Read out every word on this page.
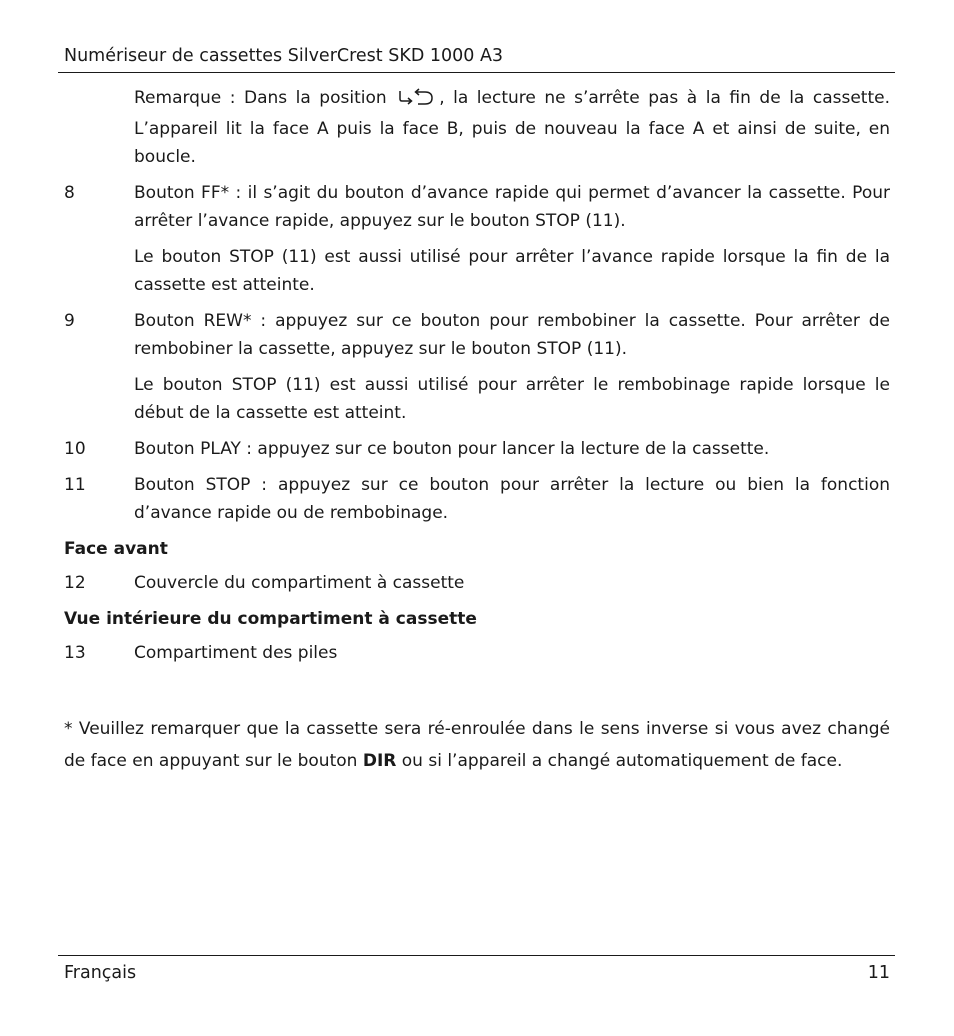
Numériseur de cassettes SilverCrest SKD 1000 A3
Remarque : Dans la position	, la lecture ne s’arrête pas à la fin de la cassette. L’appareil lit la face A puis la face B, puis de nouveau la face A et ainsi de suite, en boucle.
8	Bouton FF* : il s’agit du bouton d’avance rapide qui permet d’avancer la cassette. Pour arrêter l’avance rapide, appuyez sur le bouton STOP (11).

Le bouton STOP (11) est aussi utilisé pour arrêter l’avance rapide lorsque la fin de la cassette est atteinte.

9	Bouton REW* : appuyez sur ce bouton pour rembobiner la cassette. Pour arrêter de rembobiner la cassette, appuyez sur le bouton STOP (11).

Le bouton STOP (11) est aussi utilisé pour arrêter le rembobinage rapide lorsque le début de la cassette est atteint.

10	Bouton PLAY : appuyez sur ce bouton pour lancer la lecture de la cassette.

11	Bouton STOP : appuyez sur ce bouton pour arrêter la lecture ou bien la fonction d’avance rapide ou de rembobinage.

Face avant
12	Couvercle du compartiment à cassette
Vue intérieure du compartiment à cassette
13	Compartiment des piles
* Veuillez remarquer que la cassette sera ré-enroulée dans le sens inverse si vous avez changé de face en appuyant sur le bouton DIR ou si l’appareil a changé automatiquement de face.
Français	11
